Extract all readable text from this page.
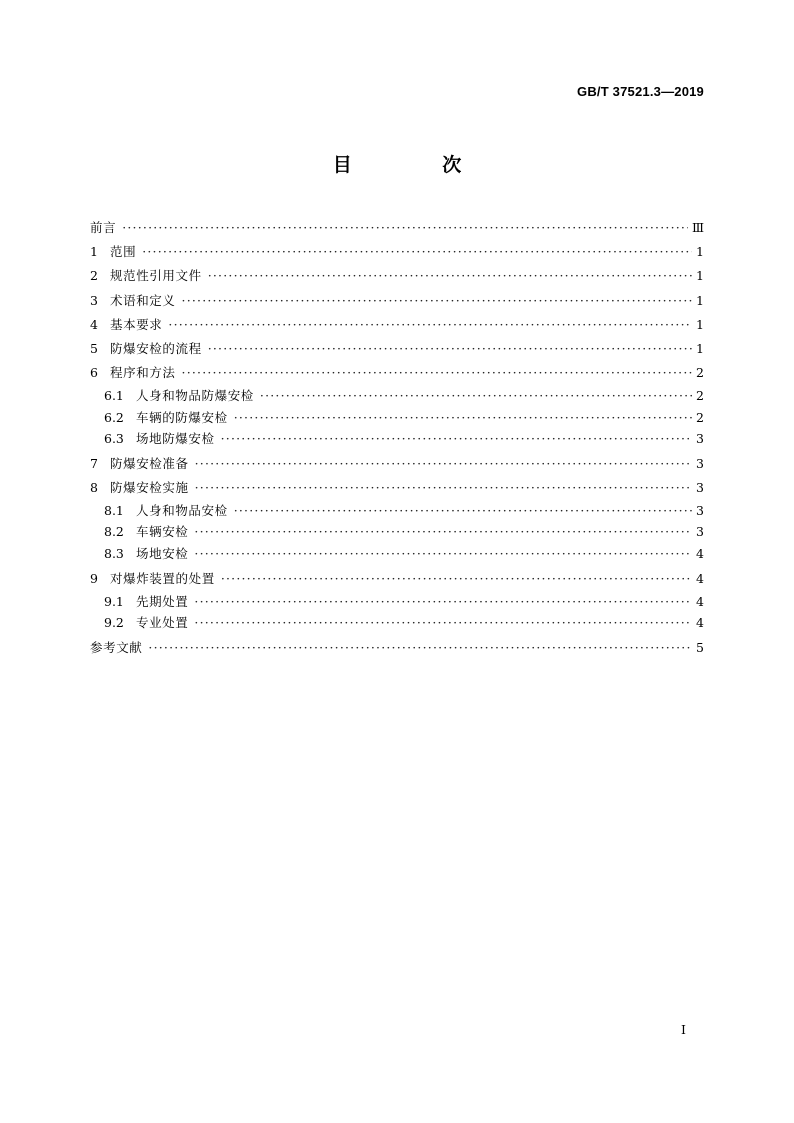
GB/T 37521.3—2019
目 次
前言 ·····	Ⅲ
1 范围 ·····	1
2 规范性引用文件 ·····	1
3 术语和定义 ·····	1
4 基本要求 ·····	1
5 防爆安检的流程 ·····	1
6 程序和方法 ·····	2
6.1 人身和物品防爆安检 ·····	2
6.2 车辆的防爆安检 ·····	2
6.3 场地防爆安检 ·····	3
7 防爆安检准备 ·····	3
8 防爆安检实施 ·····	3
8.1 人身和物品安检 ·····	3
8.2 车辆安检 ·····	3
8.3 场地安检 ·····	4
9 对爆炸装置的处置 ·····	4
9.1 先期处置 ·····	4
9.2 专业处置 ·····	4
参考文献 ·····	5
I
